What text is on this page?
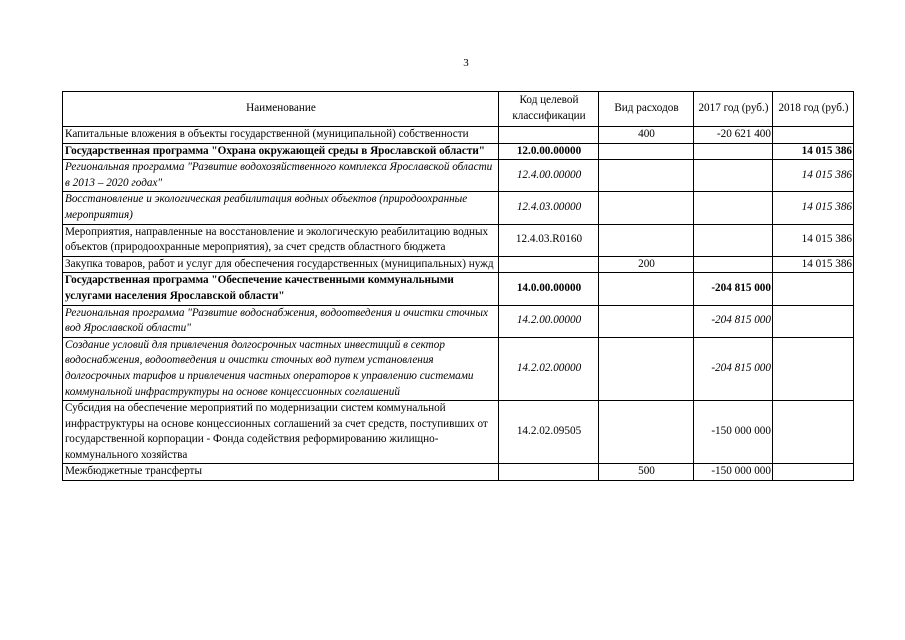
3
Наименование	Код целевой классификации	Вид расходов	2017 год (руб.)	2018 год (руб.)
Капитальные вложения в объекты государственной (муниципальной) собственности		400	-20 621 400	
Государственная программа "Охрана окружающей среды в Ярославской области"	12.0.00.00000			14 015 386
Региональная программа "Развитие водохозяйственного комплекса Ярославской области в 2013 – 2020 годах"	12.4.00.00000			14 015 386
Восстановление и экологическая реабилитация водных объектов (природоохранные мероприятия)	12.4.03.00000			14 015 386
Мероприятия, направленные на восстановление и экологическую реабилитацию водных объектов (природоохранные мероприятия), за счет средств областного бюджета	12.4.03.R0160			14 015 386
Закупка товаров, работ и услуг для обеспечения государственных (муниципальных) нужд		200		14 015 386
Государственная программа "Обеспечение качественными коммунальными услугами населения Ярославской области"	14.0.00.00000		-204 815 000	
Региональная программа "Развитие водоснабжения, водоотведения и очистки сточных вод Ярославской области"	14.2.00.00000		-204 815 000	
Создание условий для привлечения долгосрочных частных инвестиций в сектор водоснабжения, водоотведения и очистки сточных вод путем установления долгосрочных тарифов и привлечения частных операторов к управлению системами коммунальной инфраструктуры на основе концессионных соглашений	14.2.02.00000		-204 815 000	
Субсидия на обеспечение мероприятий по модернизации систем коммунальной инфраструктуры на основе концессионных соглашений за счет средств, поступивших от государственной корпорации - Фонда содействия реформированию жилищно-коммунального хозяйства	14.2.02.09505		-150 000 000	
Межбюджетные трансферты		500	-150 000 000	
